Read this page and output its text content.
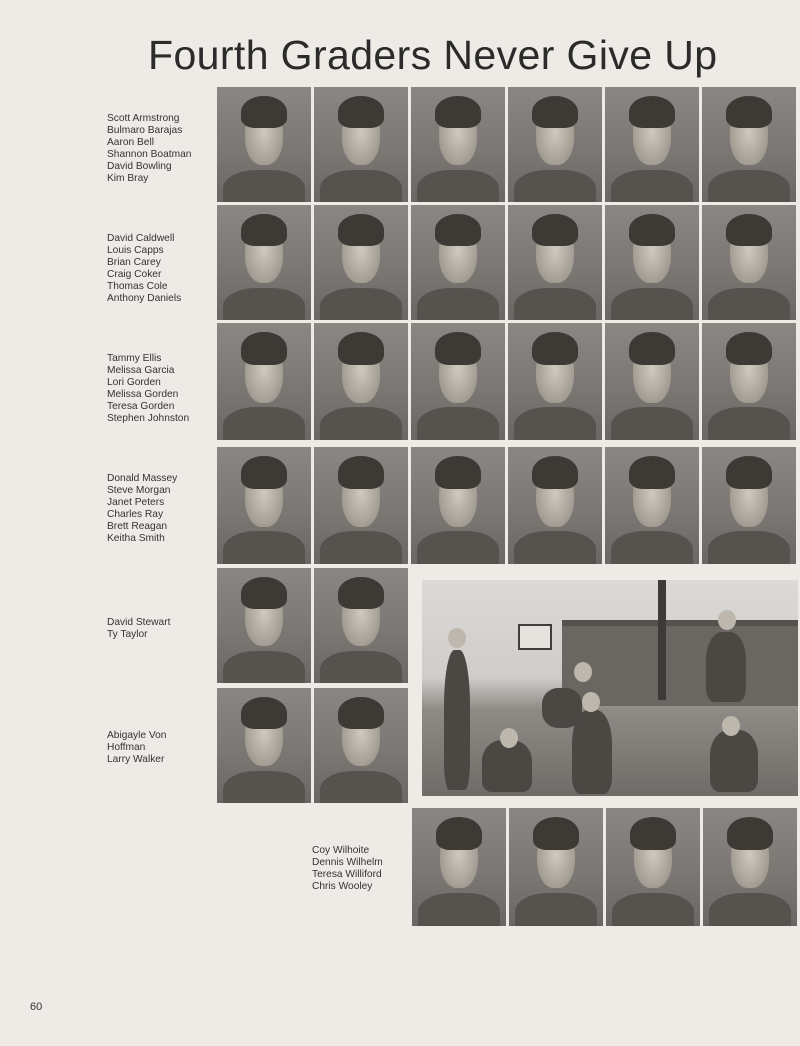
Fourth Graders Never Give Up
Scott Armstrong
Bulmaro Barajas
Aaron Bell
Shannon Boatman
David Bowling
Kim Bray
David Caldwell
Louis Capps
Brian Carey
Craig Coker
Thomas Cole
Anthony Daniels
Tammy Ellis
Melissa Garcia
Lori Gorden
Melissa Gorden
Teresa Gorden
Stephen Johnston
Donald Massey
Steve Morgan
Janet Peters
Charles Ray
Brett Reagan
Keitha Smith
David Stewart
Ty Taylor
Abigayle Von
Hoffman
Larry Walker
Coy Wilhoite
Dennis Wilhelm
Teresa Williford
Chris Wooley
60
